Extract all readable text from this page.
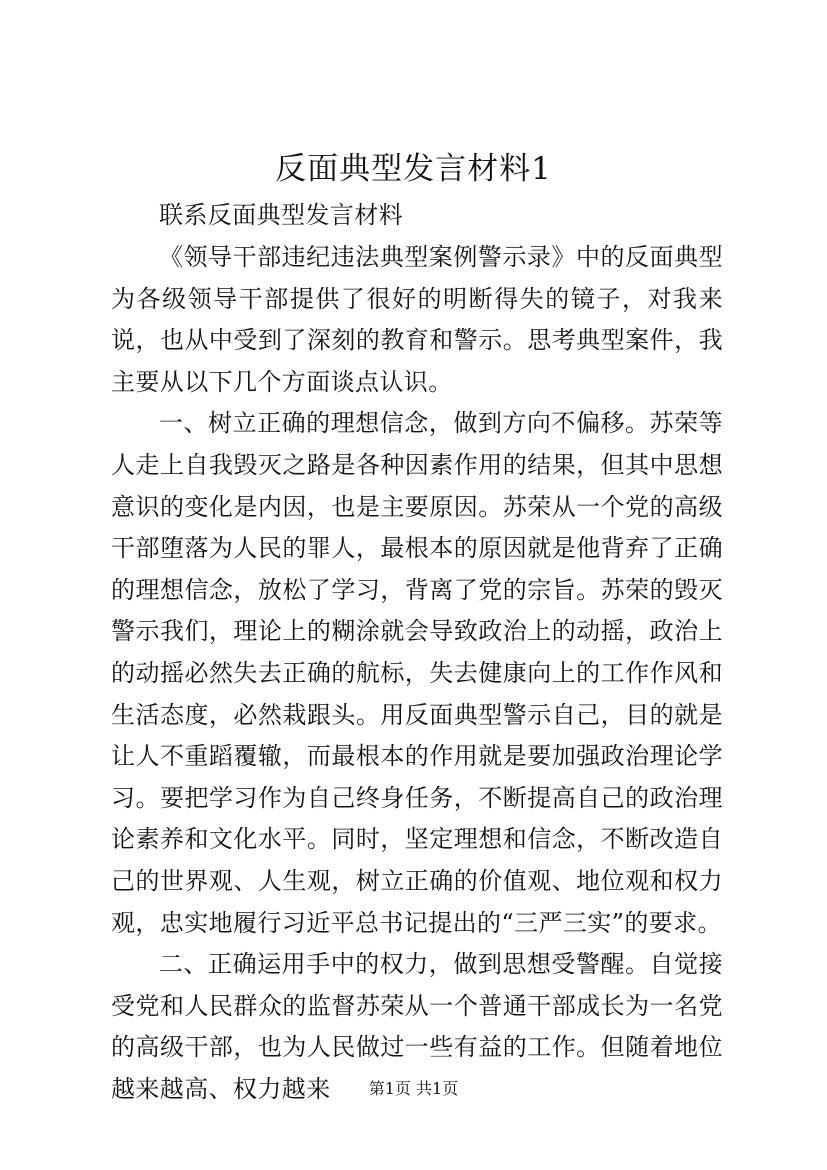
反面典型发言材料1

联系反面典型发言材料

《领导干部违纪违法典型案例警示录》中的反面典型为各级领导干部提供了很好的明断得失的镜子，对我来说，也从中受到了深刻的教育和警示。思考典型案件，我主要从以下几个方面谈点认识。

一、树立正确的理想信念，做到方向不偏移。苏荣等人走上自我毁灭之路是各种因素作用的结果，但其中思想意识的变化是内因，也是主要原因。苏荣从一个党的高级干部堕落为人民的罪人，最根本的原因就是他背弃了正确的理想信念，放松了学习，背离了党的宗旨。苏荣的毁灭警示我们，理论上的糊涂就会导致政治上的动摇，政治上的动摇必然失去正确的航标，失去健康向上的工作作风和生活态度，必然栽跟头。用反面典型警示自己，目的就是让人不重蹈覆辙，而最根本的作用就是要加强政治理论学习。要把学习作为自己终身任务，不断提高自己的政治理论素养和文化水平。同时，坚定理想和信念，不断改造自己的世界观、人生观，树立正确的价值观、地位观和权力观，忠实地履行习近平总书记提出的“三严三实”的要求。

二、正确运用手中的权力，做到思想受警醒。自觉接受党和人民群众的监督苏荣从一个普通干部成长为一名党的高级干部，也为人民做过一些有益的工作。但随着地位越来越高、权力越来	第1页 共1页
